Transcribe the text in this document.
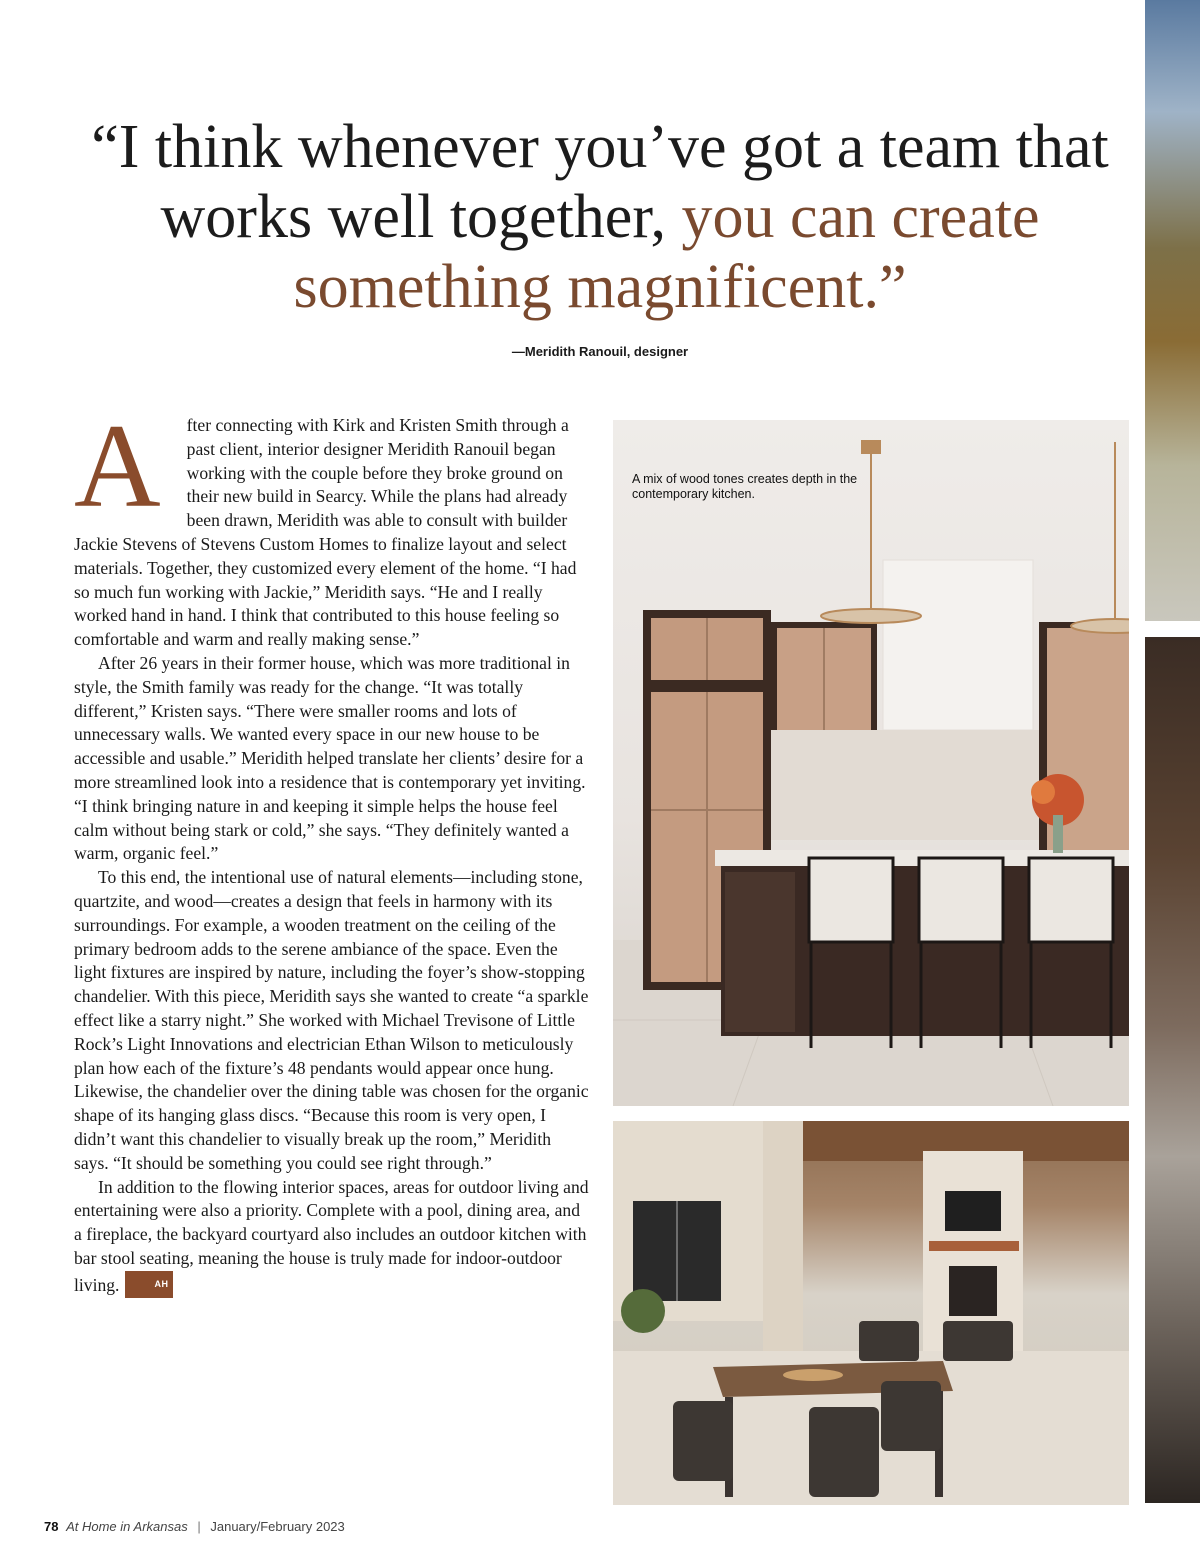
“I think whenever you’ve got a team that works well together, you can create something magnificent.”
—Meridith Ranouil, designer

A fter connecting with Kirk and Kristen Smith through a past client, interior designer Meridith Ranouil began working with the couple before they broke ground on their new build in Searcy. While the plans had already been drawn, Meridith was able to consult with builder Jackie Stevens of Stevens Custom Homes to finalize layout and select materials. Together, they customized every element of the home. “I had so much fun working with Jackie,” Meridith says. “He and I really worked hand in hand. I think that contributed to this house feeling so comfortable and warm and really making sense.”

After 26 years in their former house, which was more traditional in style, the Smith family was ready for the change. “It was totally different,” Kristen says. “There were smaller rooms and lots of unnecessary walls. We wanted every space in our new house to be accessible and usable.” Meridith helped translate her clients’ desire for a more streamlined look into a residence that is contemporary yet inviting. “I think bringing nature in and keeping it simple helps the house feel calm without being stark or cold,” she says. “They definitely wanted a warm, organic feel.”

To this end, the intentional use of natural elements—including stone, quartzite, and wood—creates a design that feels in harmony with its surroundings. For example, a wooden treatment on the ceiling of the primary bedroom adds to the serene ambiance of the space. Even the light fixtures are inspired by nature, including the foyer’s show-stopping chandelier. With this piece, Meridith says she wanted to create “a sparkle effect like a starry night.” She worked with Michael Trevisone of Little Rock’s Light Innovations and electrician Ethan Wilson to meticulously plan how each of the fixture’s 48 pendants would appear once hung. Likewise, the chandelier over the dining table was chosen for the organic shape of its hanging glass discs. “Because this room is very open, I didn’t want this chandelier to visually break up the room,” Meridith says. “It should be something you could see right through.”

In addition to the flowing interior spaces, areas for outdoor living and entertaining were also a priority. Complete with a pool, dining area, and a fireplace, the backyard courtyard also includes an outdoor kitchen with bar stool seating, meaning the house is truly made for indoor-outdoor living.	AH

A mix of wood tones creates depth in the contemporary kitchen.
78 At Home in Arkansas | January/February 2023
